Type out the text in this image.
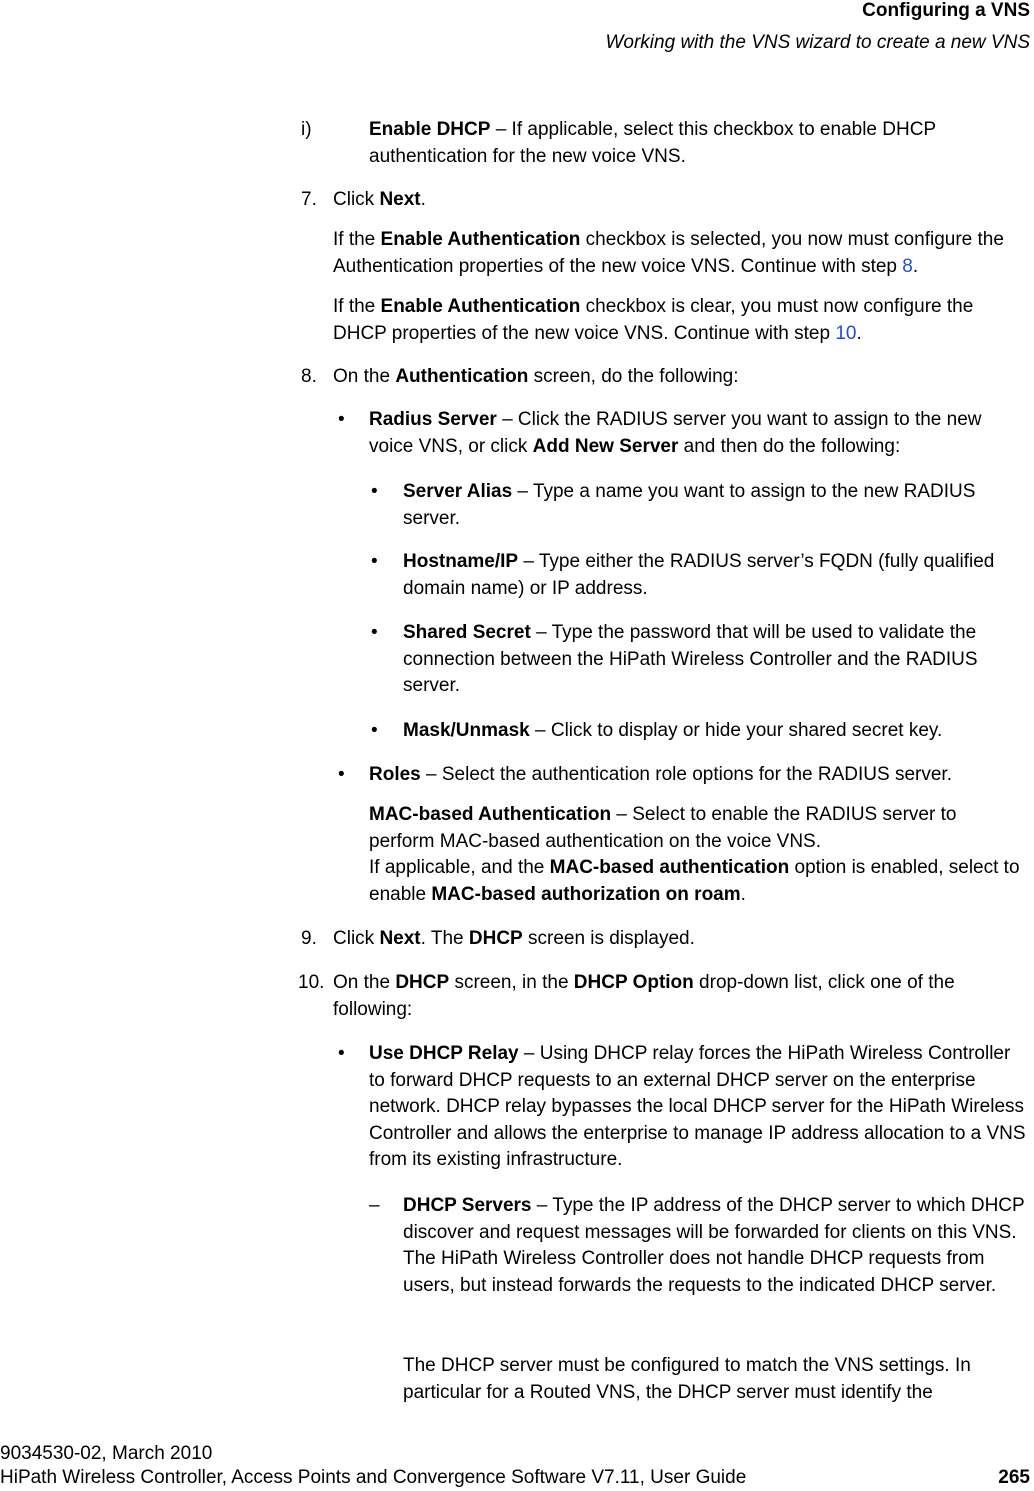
Configuring a VNS
Working with the VNS wizard to create a new VNS
i)	Enable DHCP – If applicable, select this checkbox to enable DHCP authentication for the new voice VNS.
7. Click Next.
If the Enable Authentication checkbox is selected, you now must configure the Authentication properties of the new voice VNS. Continue with step 8.
If the Enable Authentication checkbox is clear, you must now configure the DHCP properties of the new voice VNS. Continue with step 10.
8. On the Authentication screen, do the following:
• Radius Server – Click the RADIUS server you want to assign to the new voice VNS, or click Add New Server and then do the following:
• Server Alias – Type a name you want to assign to the new RADIUS server.
• Hostname/IP – Type either the RADIUS server’s FQDN (fully qualified domain name) or IP address.
• Shared Secret – Type the password that will be used to validate the connection between the HiPath Wireless Controller and the RADIUS server.
• Mask/Unmask – Click to display or hide your shared secret key.
• Roles – Select the authentication role options for the RADIUS server.
MAC-based Authentication – Select to enable the RADIUS server to perform MAC-based authentication on the voice VNS.
If applicable, and the MAC-based authentication option is enabled, select to enable MAC-based authorization on roam.
9. Click Next. The DHCP screen is displayed.
10. On the DHCP screen, in the DHCP Option drop-down list, click one of the following:
• Use DHCP Relay – Using DHCP relay forces the HiPath Wireless Controller to forward DHCP requests to an external DHCP server on the enterprise network. DHCP relay bypasses the local DHCP server for the HiPath Wireless Controller and allows the enterprise to manage IP address allocation to a VNS from its existing infrastructure.
– DHCP Servers – Type the IP address of the DHCP server to which DHCP discover and request messages will be forwarded for clients on this VNS. The HiPath Wireless Controller does not handle DHCP requests from users, but instead forwards the requests to the indicated DHCP server.
The DHCP server must be configured to match the VNS settings. In particular for a Routed VNS, the DHCP server must identify the
9034530-02, March 2010
HiPath Wireless Controller, Access Points and Convergence Software V7.11, User Guide	265
